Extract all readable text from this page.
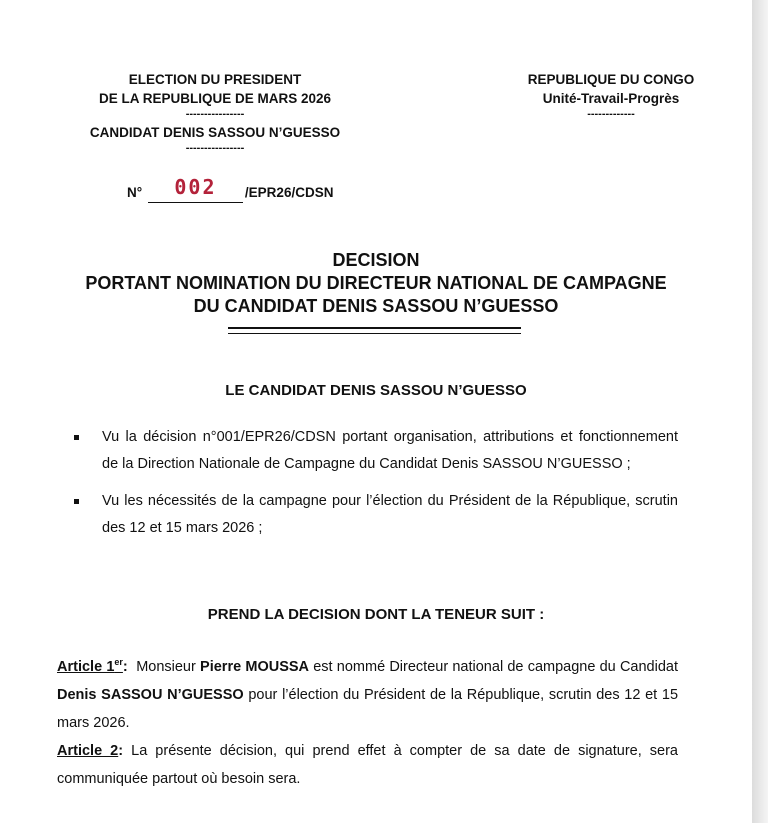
ELECTION DU PRESIDENT
DE LA REPUBLIQUE DE MARS 2026
----------------
CANDIDAT DENIS SASSOU N’GUESSO
----------------
REPUBLIQUE DU CONGO
Unité-Travail-Progrès
-------------
N° 002 /EPR26/CDSN
DECISION
PORTANT NOMINATION DU DIRECTEUR NATIONAL DE CAMPAGNE
DU CANDIDAT DENIS SASSOU N’GUESSO
LE CANDIDAT DENIS SASSOU N’GUESSO
Vu la décision n°001/EPR26/CDSN portant organisation, attributions et fonctionnement de la Direction Nationale de Campagne du Candidat Denis SASSOU N’GUESSO ;
Vu les nécessités de la campagne pour l’élection du Président de la République, scrutin des 12 et 15 mars 2026 ;
PREND LA DECISION DONT LA TENEUR SUIT :

Article 1er: Monsieur Pierre MOUSSA est nommé Directeur national de campagne du Candidat Denis SASSOU N’GUESSO pour l’élection du Président de la République, scrutin des 12 et 15 mars 2026.

Article 2: La présente décision, qui prend effet à compter de sa date de signature, sera communiquée partout où besoin sera.
